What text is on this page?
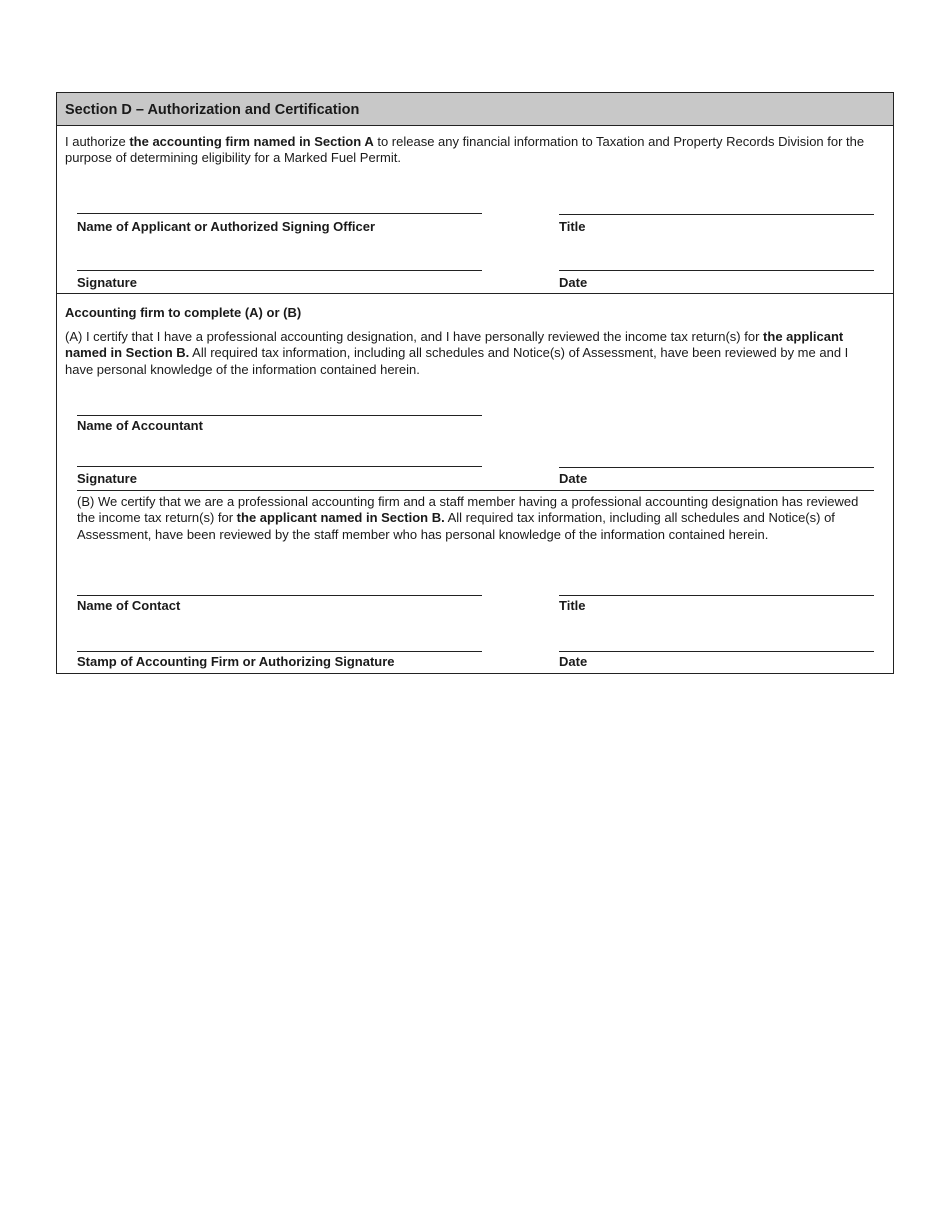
Section D – Authorization and Certification
I authorize the accounting firm named in Section A to release any financial information to Taxation and Property Records Division for the purpose of determining eligibility for a Marked Fuel Permit.
Name of Applicant or Authorized Signing Officer	Title
Signature	Date
Accounting firm to complete (A) or (B)
(A) I certify that I have a professional accounting designation, and I have personally reviewed the income tax return(s) for the applicant named in Section B. All required tax information, including all schedules and Notice(s) of Assessment, have been reviewed by me and I have personal knowledge of the information contained herein.
Name of Accountant
Signature	Date
(B) We certify that we are a professional accounting firm and a staff member having a professional accounting designation has reviewed the income tax return(s) for the applicant named in Section B. All required tax information, including all schedules and Notice(s) of Assessment, have been reviewed by the staff member who has personal knowledge of the information contained herein.
Name of Contact	Title
Stamp of Accounting Firm or Authorizing Signature	Date
